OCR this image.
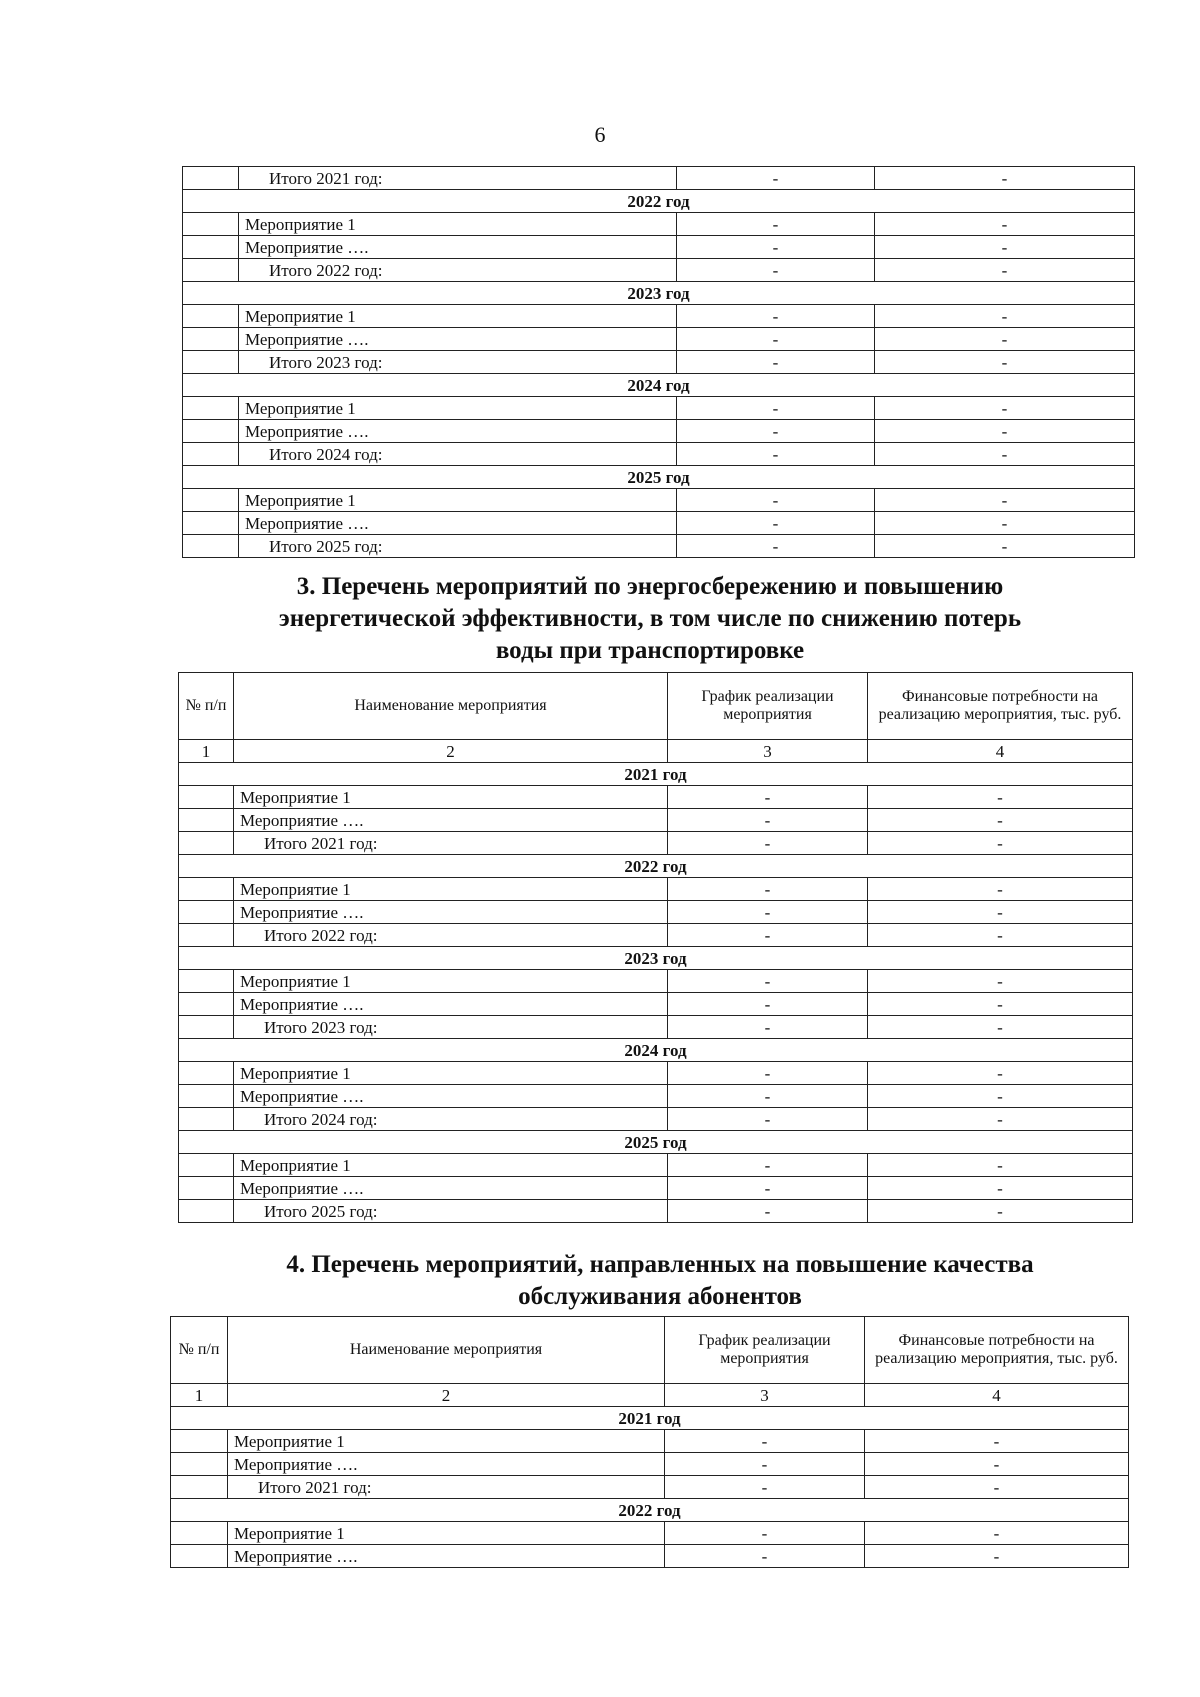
6
	Итого 2021 год:	-	-
2022 год			
	Мероприятие 1	-	-
	Мероприятие ….	-	-
	Итого 2022 год:	-	-
2023 год			
	Мероприятие 1	-	-
	Мероприятие ….	-	-
	Итого 2023 год:	-	-
2024 год			
	Мероприятие 1	-	-
	Мероприятие ….	-	-
	Итого 2024 год:	-	-
2025 год			
	Мероприятие 1	-	-
	Мероприятие ….	-	-
	Итого 2025 год:	-	-
3. Перечень мероприятий по энергосбережению и повышению
энергетической эффективности, в том числе по снижению потерь
воды при транспортировке
№ п/п	Наименование мероприятия	График реализации мероприятия	Финансовые потребности на реализацию мероприятия, тыс. руб.
1	2	3	4
2021 год			
	Мероприятие 1	-	-
	Мероприятие ….	-	-
	Итого 2021 год:	-	-
2022 год			
	Мероприятие 1	-	-
	Мероприятие ….	-	-
	Итого 2022 год:	-	-
2023 год			
	Мероприятие 1	-	-
	Мероприятие ….	-	-
	Итого 2023 год:	-	-
2024 год			
	Мероприятие 1	-	-
	Мероприятие ….	-	-
	Итого 2024 год:	-	-
2025 год			
	Мероприятие 1	-	-
	Мероприятие ….	-	-
	Итого 2025 год:	-	-
4. Перечень мероприятий, направленных на повышение качества
обслуживания абонентов
№ п/п	Наименование мероприятия	График реализации мероприятия	Финансовые потребности на реализацию мероприятия, тыс. руб.
1	2	3	4
2021 год			
	Мероприятие 1	-	-
	Мероприятие ….	-	-
	Итого 2021 год:	-	-
2022 год			
	Мероприятие 1	-	-
	Мероприятие ….	-	-
